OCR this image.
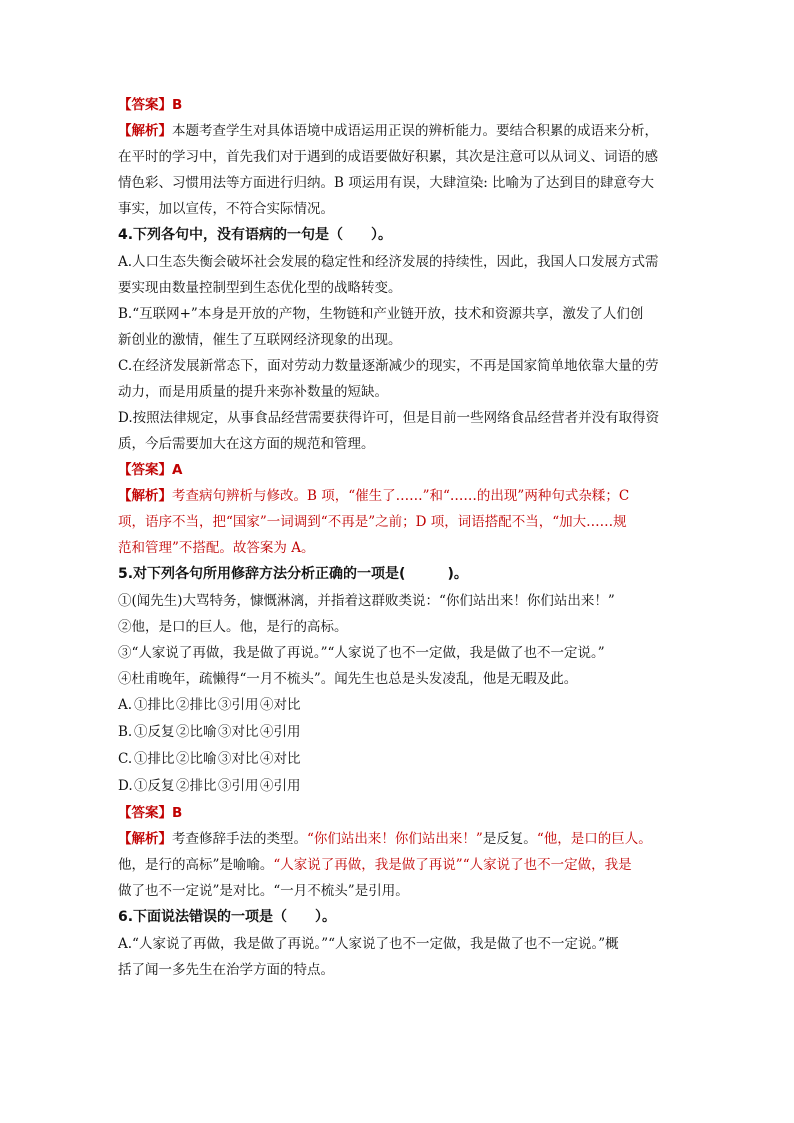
【答案】B
【解析】本题考查学生对具体语境中成语运用正误的辨析能力。要结合积累的成语来分析，
在平时的学习中，首先我们对于遇到的成语要做好积累，其次是注意可以从词义、词语的感
情色彩、习惯用法等方面进行归纳。B 项运用有误，大肆渲染: 比喻为了达到目的肆意夸大
事实，加以宣传，不符合实际情况。
4.下列各句中，没有语病的一句是（　　）。
A.人口生态失衡会破坏社会发展的稳定性和经济发展的持续性，因此，我国人口发展方式需
要实现由数量控制型到生态优化型的战略转变。
B.“互联网+”本身是开放的产物，生物链和产业链开放，技术和资源共享，激发了人们创
新创业的激情，催生了互联网经济现象的出现。
C.在经济发展新常态下，面对劳动力数量逐渐减少的现实，不再是国家简单地依靠大量的劳
动力，而是用质量的提升来弥补数量的短缺。
D.按照法律规定，从事食品经营需要获得许可，但是目前一些网络食品经营者并没有取得资
质，今后需要加大在这方面的规范和管理。
【答案】A
【解析】考查病句辨析与修改。B 项，“催生了……”和“……的出现”两种句式杂糅；C
项，语序不当，把“国家”一词调到“不再是”之前；D 项，词语搭配不当，“加大……规
范和管理”不搭配。故答案为 A。
5.对下列各句所用修辞方法分析正确的一项是(　　　)。
①(闻先生)大骂特务，慷慨淋漓，并指着这群败类说：“你们站出来！你们站出来！”
②他，是口的巨人。他，是行的高标。
③“人家说了再做，我是做了再说。”“人家说了也不一定做，我是做了也不一定说。”
④杜甫晚年，疏懒得“一月不梳头”。闻先生也总是头发凌乱，他是无暇及此。
A. ①排比 ②排比 ③引用 ④对比
B. ①反复 ②比喻 ③对比 ④引用
C. ①排比 ②比喻 ③对比 ④对比
D.①反复 ②排比 ③引用 ④引用
【答案】B
【解析】考查修辞手法的类型。“你们站出来！你们站出来！”是反复。“他，是口的巨人。
他，是行的高标”是喻喻。“人家说了再做，我是做了再说”“人家说了也不一定做，我是
做了也不一定说”是对比。“一月不梳头”是引用。
6.下面说法错误的一项是（　　）。
A.“人家说了再做，我是做了再说。”“人家说了也不一定做，我是做了也不一定说。”概
括了闻一多先生在治学方面的特点。
